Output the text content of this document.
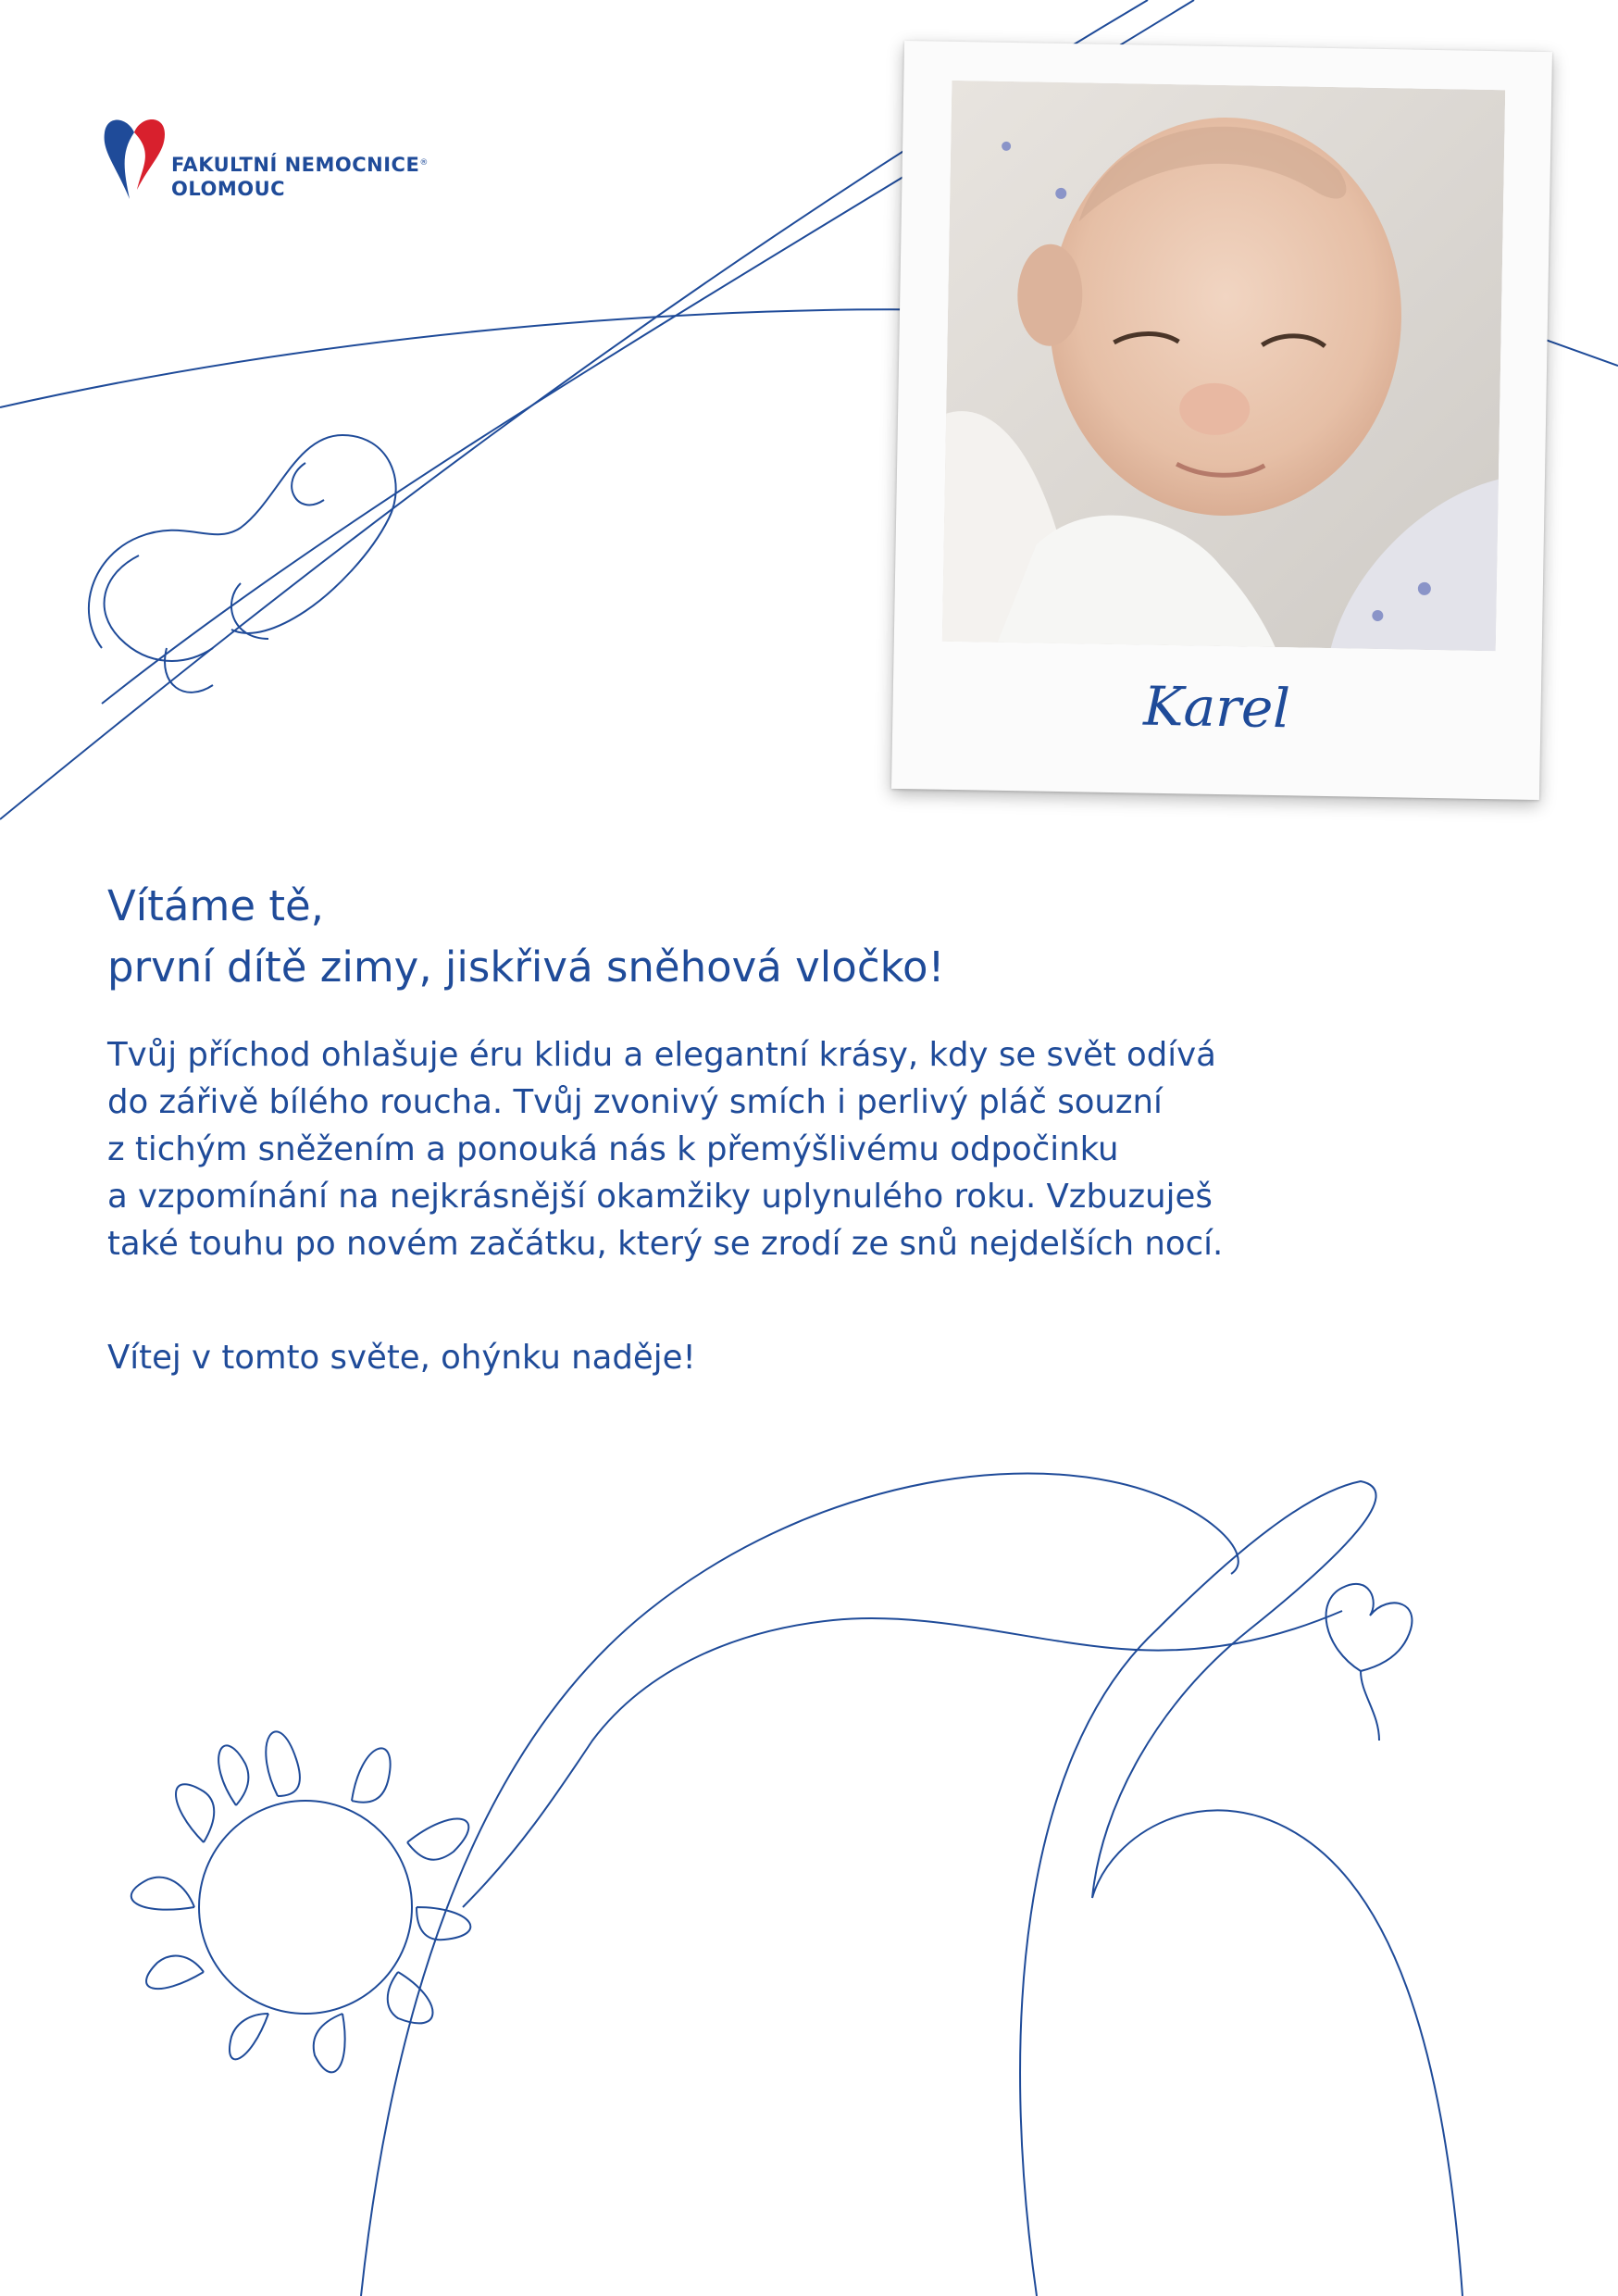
FAKULTNÍ NEMOCNICE®
OLOMOUC
Karel
Vítáme tě,
první dítě zimy, jiskřivá sněhová vločko!
Tvůj příchod ohlašuje éru klidu a elegantní krásy, kdy se svět odívá
do zářivě bílého roucha. Tvůj zvonivý smích i perlivý pláč souzní
z tichým sněžením a ponouká nás k přemýšlivému odpočinku
a vzpomínání na nejkrásnější okamžiky uplynulého roku. Vzbuzuješ
také touhu po novém začátku, který se zrodí ze snů nejdelších nocí.
Vítej v tomto světe, ohýnku naděje!
